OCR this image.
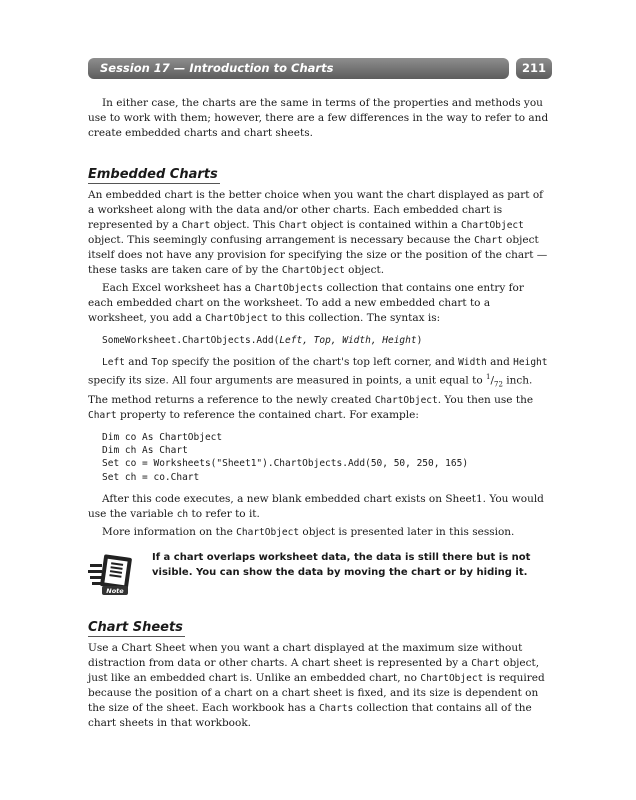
Session 17 — Introduction to Charts	211

In either case, the charts are the same in terms of the properties and methods you use to work with them; however, there are a few differences in the way to refer to and create embedded charts and chart sheets.

Embedded Charts

An embedded chart is the better choice when you want the chart displayed as part of a worksheet along with the data and/or other charts. Each embedded chart is represented by a Chart object. This Chart object is contained within a ChartObject object. This seemingly confusing arrangement is necessary because the Chart object itself does not have any provision for specifying the size or the position of the chart — these tasks are taken care of by the ChartObject object.

Each Excel worksheet has a ChartObjects collection that contains one entry for each embedded chart on the worksheet. To add a new embedded chart to a worksheet, you add a ChartObject to this collection. The syntax is:

SomeWorksheet.ChartObjects.Add(Left, Top, Width, Height)

Left and Top specify the position of the chart's top left corner, and Width and Height specify its size. All four arguments are measured in points, a unit equal to $^1/_{72}$ inch. The method returns a reference to the newly created ChartObject. You then use the Chart property to reference the contained chart. For example:

Dim co As ChartObject
Dim ch As Chart
Set co = Worksheets("Sheet1").ChartObjects.Add(50, 50, 250, 165)
Set ch = co.Chart

After this code executes, a new blank embedded chart exists on Sheet1. You would use the variable ch to refer to it.

More information on the ChartObject object is presented later in this session.

Note
If a chart overlaps worksheet data, the data is still there but is not visible. You can show the data by moving the chart or by hiding it.
Chart Sheets

Use a Chart Sheet when you want a chart displayed at the maximum size without distraction from data or other charts. A chart sheet is represented by a Chart object, just like an embedded chart is. Unlike an embedded chart, no ChartObject is required because the position of a chart on a chart sheet is fixed, and its size is dependent on the size of the sheet. Each workbook has a Charts collection that contains all of the chart sheets in that workbook.
